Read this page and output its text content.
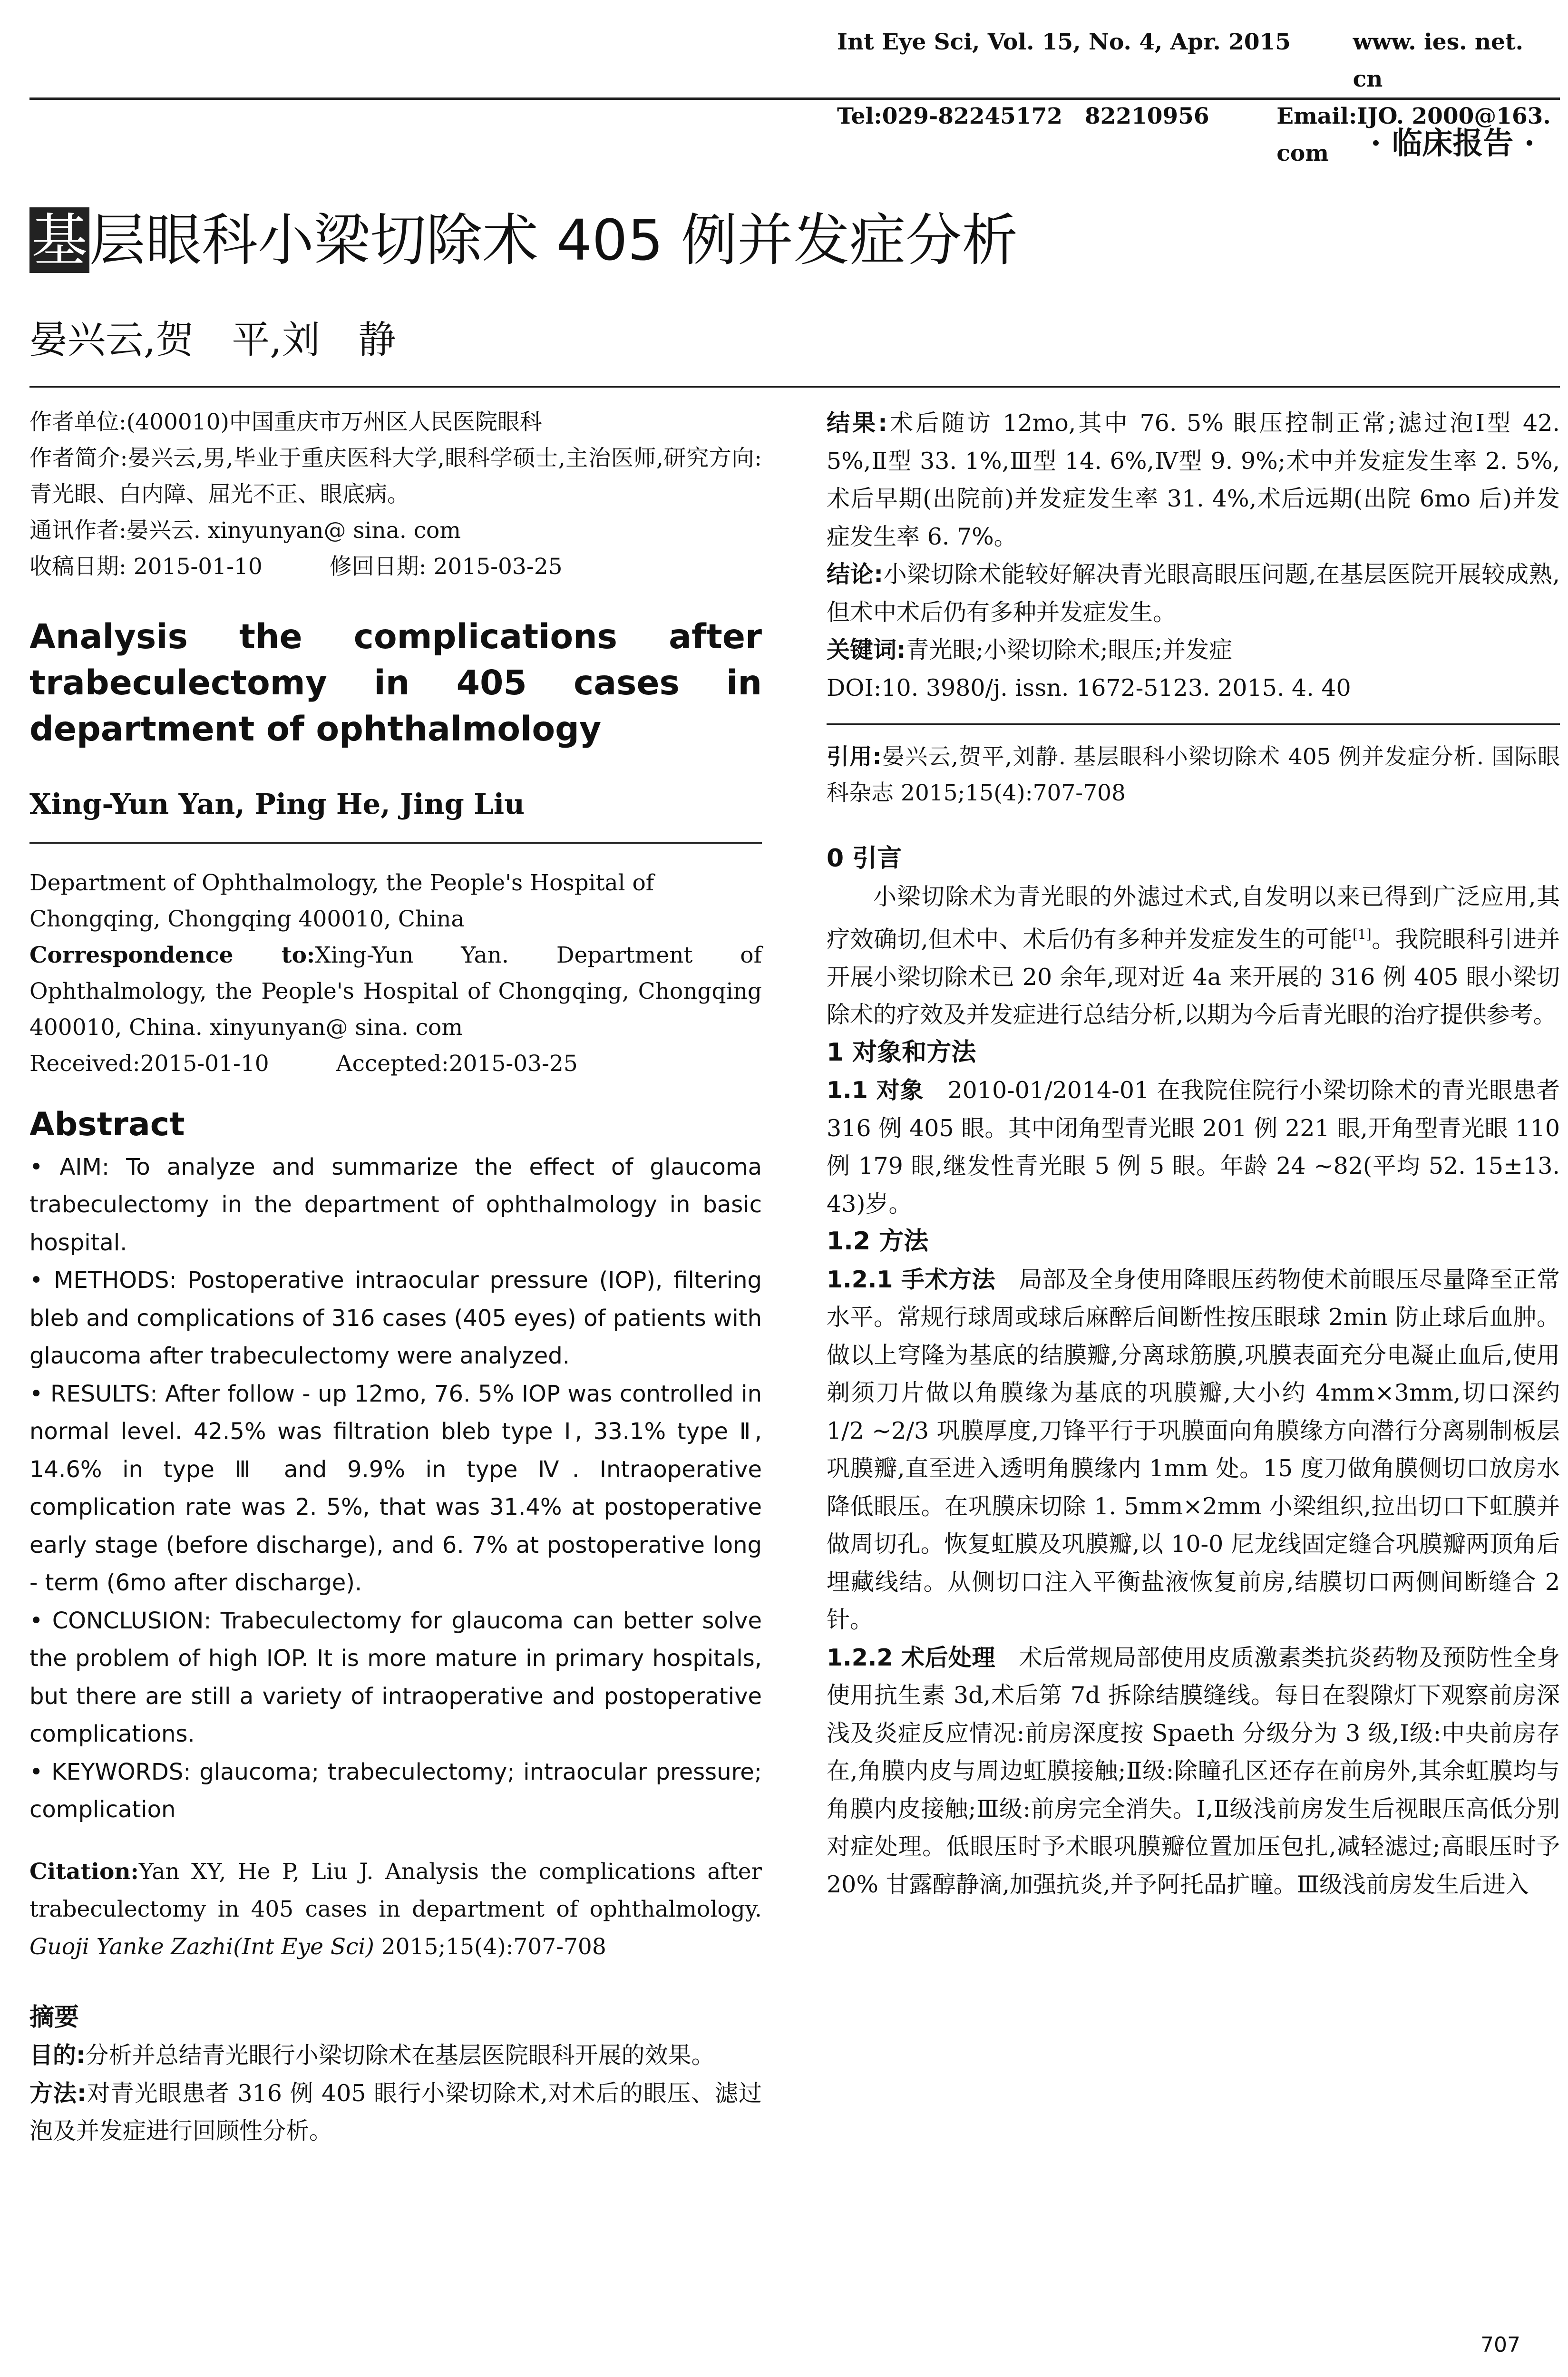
Int Eye Sci, Vol. 15, No. 4, Apr. 2015	www. ies. net. cn
Tel:029-82245172　82210956	Email:IJO. 2000@163. com	· 临床报告 ·
基层眼科小梁切除术 405 例并发症分析
晏兴云,贺　平,刘　静

作者单位:(400010)中国重庆市万州区人民医院眼科

作者简介:晏兴云,男,毕业于重庆医科大学,眼科学硕士,主治医师,研究方向:青光眼、白内障、屈光不正、眼底病。

通讯作者:晏兴云. xinyunyan@ sina. com

收稿日期: 2015-01-10　　　修回日期: 2015-03-25

Analysis the complications after trabeculectomy in 405 cases in department of ophthalmology

Xing-Yun Yan, Ping He, Jing Liu

Department of Ophthalmology, the People's Hospital of Chongqing, Chongqing 400010, China

Correspondence to:Xing-Yun Yan. Department of Ophthalmology, the People's Hospital of Chongqing, Chongqing 400010, China. xinyunyan@ sina. com

Received:2015-01-10　　　Accepted:2015-03-25

Abstract

• AIM: To analyze and summarize the effect of glaucoma trabeculectomy in the department of ophthalmology in basic hospital.

• METHODS: Postoperative intraocular pressure (IOP), filtering bleb and complications of 316 cases (405 eyes) of patients with glaucoma after trabeculectomy were analyzed.

• RESULTS: After follow - up 12mo, 76. 5% IOP was controlled in normal level. 42.5% was filtration bleb type Ⅰ, 33.1% type Ⅱ, 14.6% in type Ⅲ and 9.9% in type Ⅳ. Intraoperative complication rate was 2. 5%, that was 31.4% at postoperative early stage (before discharge), and 6. 7% at postoperative long - term (6mo after discharge).

• CONCLUSION: Trabeculectomy for glaucoma can better solve the problem of high IOP. It is more mature in primary hospitals, but there are still a variety of intraoperative and postoperative complications.

• KEYWORDS: glaucoma; trabeculectomy; intraocular pressure; complication

Citation:Yan XY, He P, Liu J. Analysis the complications after trabeculectomy in 405 cases in department of ophthalmology. Guoji Yanke Zazhi(Int Eye Sci) 2015;15(4):707-708

摘要

目的:分析并总结青光眼行小梁切除术在基层医院眼科开展的效果。

方法:对青光眼患者 316 例 405 眼行小梁切除术,对术后的眼压、滤过泡及并发症进行回顾性分析。

结果:术后随访 12mo,其中 76. 5% 眼压控制正常;滤过泡Ⅰ型 42. 5%,Ⅱ型 33. 1%,Ⅲ型 14. 6%,Ⅳ型 9. 9%;术中并发症发生率 2. 5%,术后早期(出院前)并发症发生率 31. 4%,术后远期(出院 6mo 后)并发症发生率 6. 7%。

结论:小梁切除术能较好解决青光眼高眼压问题,在基层医院开展较成熟,但术中术后仍有多种并发症发生。

关键词:青光眼;小梁切除术;眼压;并发症

DOI:10. 3980/j. issn. 1672-5123. 2015. 4. 40

引用:晏兴云,贺平,刘静. 基层眼科小梁切除术 405 例并发症分析. 国际眼科杂志 2015;15(4):707-708

0 引言

小梁切除术为青光眼的外滤过术式,自发明以来已得到广泛应用,其疗效确切,但术中、术后仍有多种并发症发生的可能[1]。我院眼科引进并开展小梁切除术已 20 余年,现对近 4a 来开展的 316 例 405 眼小梁切除术的疗效及并发症进行总结分析,以期为今后青光眼的治疗提供参考。

1 对象和方法

1.1 对象　2010-01/2014-01 在我院住院行小梁切除术的青光眼患者 316 例 405 眼。其中闭角型青光眼 201 例 221 眼,开角型青光眼 110 例 179 眼,继发性青光眼 5 例 5 眼。年龄 24 ~82(平均 52. 15±13. 43)岁。

1.2 方法

1.2.1 手术方法　局部及全身使用降眼压药物使术前眼压尽量降至正常水平。常规行球周或球后麻醉后间断性按压眼球 2min 防止球后血肿。做以上穹隆为基底的结膜瓣,分离球筋膜,巩膜表面充分电凝止血后,使用剃须刀片做以角膜缘为基底的巩膜瓣,大小约 4mm×3mm,切口深约 1/2 ~2/3 巩膜厚度,刀锋平行于巩膜面向角膜缘方向潜行分离剔制板层巩膜瓣,直至进入透明角膜缘内 1mm 处。15 度刀做角膜侧切口放房水降低眼压。在巩膜床切除 1. 5mm×2mm 小梁组织,拉出切口下虹膜并做周切孔。恢复虹膜及巩膜瓣,以 10-0 尼龙线固定缝合巩膜瓣两顶角后埋藏线结。从侧切口注入平衡盐液恢复前房,结膜切口两侧间断缝合 2 针。

1.2.2 术后处理　术后常规局部使用皮质激素类抗炎药物及预防性全身使用抗生素 3d,术后第 7d 拆除结膜缝线。每日在裂隙灯下观察前房深浅及炎症反应情况:前房深度按 Spaeth 分级分为 3 级,Ⅰ级:中央前房存在,角膜内皮与周边虹膜接触;Ⅱ级:除瞳孔区还存在前房外,其余虹膜均与角膜内皮接触;Ⅲ级:前房完全消失。Ⅰ,Ⅱ级浅前房发生后视眼压高低分别对症处理。低眼压时予术眼巩膜瓣位置加压包扎,减轻滤过;高眼压时予 20% 甘露醇静滴,加强抗炎,并予阿托品扩瞳。Ⅲ级浅前房发生后进入

707
